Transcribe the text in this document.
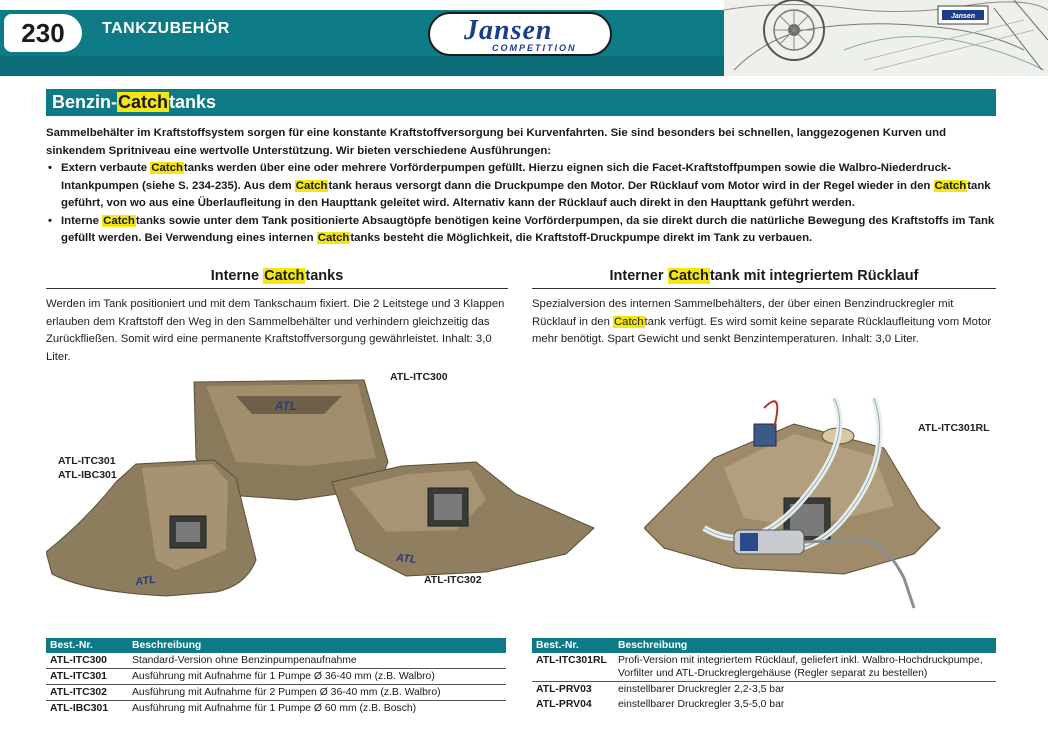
230	TANKZUBEHÖR	Jansen
COMPETITION
Jansen
Benzin-Catchtanks

Sammelbehälter im Kraftstoffsystem sorgen für eine konstante Kraftstoffversorgung bei Kurvenfahrten. Sie sind besonders bei schnellen, langgezogenen Kurven und sinkendem Spritniveau eine wertvolle Unterstützung. Wir bieten verschiedene Ausführungen:

• Extern verbaute Catchtanks werden über eine oder mehrere Vorförderpumpen gefüllt. Hierzu eignen sich die Facet-Kraftstoffpumpen sowie die Walbro-Niederdruck-Intankpumpen (siehe S. 234-235). Aus dem Catchtank heraus versorgt dann die Druckpumpe den Motor. Der Rücklauf vom Motor wird in der Regel wieder in den Catchtank geführt, von wo aus eine Überlaufleitung in den Haupttank geleitet wird. Alternativ kann der Rücklauf auch direkt in den Haupttank geführt werden.
• Interne Catchtanks sowie unter dem Tank positionierte Absaugtöpfe benötigen keine Vorförderpumpen, da sie direkt durch die natürliche Bewegung des Kraftstoffs im Tank gefüllt werden. Bei Verwendung eines internen Catchtanks besteht die Möglichkeit, die Kraftstoff-Druckpumpe direkt im Tank zu verbauen.
Interne Catchtanks
Werden im Tank positioniert und mit dem Tankschaum fixiert. Die 2 Leitstege und 3 Klappen erlauben dem Kraftstoff den Weg in den Sammelbehälter und verhindern gleichzeitig das Zurückfließen. Somit wird eine permanente Kraftstoffversorgung gewährleistet. Inhalt: 3,0 Liter.
ATL
ATL
ATL
ATL-ITC300
ATL-ITC301
ATL-IBC301
ATL-ITC302
Best.-Nr.	Beschreibung
ATL-ITC300	Standard-Version ohne Benzinpumpenaufnahme
ATL-ITC301	Ausführung mit Aufnahme für 1 Pumpe Ø 36-40 mm (z.B. Walbro)
ATL-ITC302	Ausführung mit Aufnahme für 2 Pumpen Ø 36-40 mm (z.B. Walbro)
ATL-IBC301	Ausführung mit Aufnahme für 1 Pumpe Ø 60 mm (z.B. Bosch)
Interner Catchtank mit integriertem Rücklauf
Spezialversion des internen Sammelbehälters, der über einen Benzindruckregler mit Rücklauf in den Catchtank verfügt. Es wird somit keine separate Rücklaufleitung vom Motor mehr benötigt. Spart Gewicht und senkt Benzintemperaturen. Inhalt: 3,0 Liter.
ATL-ITC301RL
Best.-Nr.	Beschreibung
ATL-ITC301RL	Profi-Version mit integriertem Rücklauf, geliefert inkl. Walbro-Hochdruckpumpe, Vorfilter und ATL-Druckreglergehäuse (Regler separat zu bestellen)
ATL-PRV03	einstellbarer Druckregler 2,2-3,5 bar
ATL-PRV04	einstellbarer Druckregler 3,5-5,0 bar
